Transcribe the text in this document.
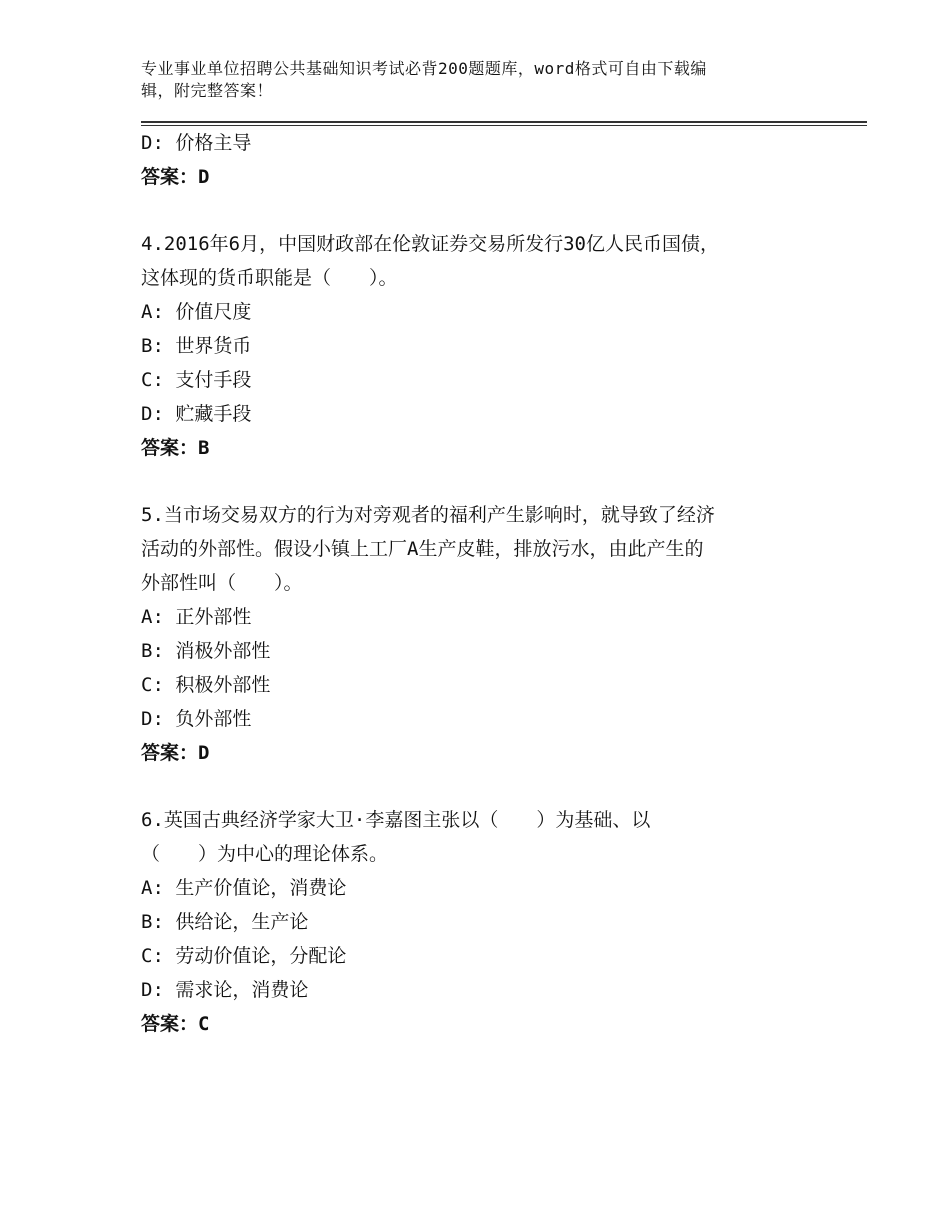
专业事业单位招聘公共基础知识考试必背200题题库，word格式可自由下载编
辑，附完整答案！
D: 价格主导
答案：D
4.2016年6月，中国财政部在伦敦证券交易所发行30亿人民币国债，
这体现的货币职能是（　　）。
A: 价值尺度
B: 世界货币
C: 支付手段
D: 贮藏手段
答案：B
5.当市场交易双方的行为对旁观者的福利产生影响时，就导致了经济
活动的外部性。假设小镇上工厂A生产皮鞋，排放污水，由此产生的
外部性叫（　　）。
A: 正外部性
B: 消极外部性
C: 积极外部性
D: 负外部性
答案：D
6.英国古典经济学家大卫·李嘉图主张以（　　）为基础、以
（　　）为中心的理论体系。
A: 生产价值论，消费论
B: 供给论，生产论
C: 劳动价值论，分配论
D: 需求论，消费论
答案：C
